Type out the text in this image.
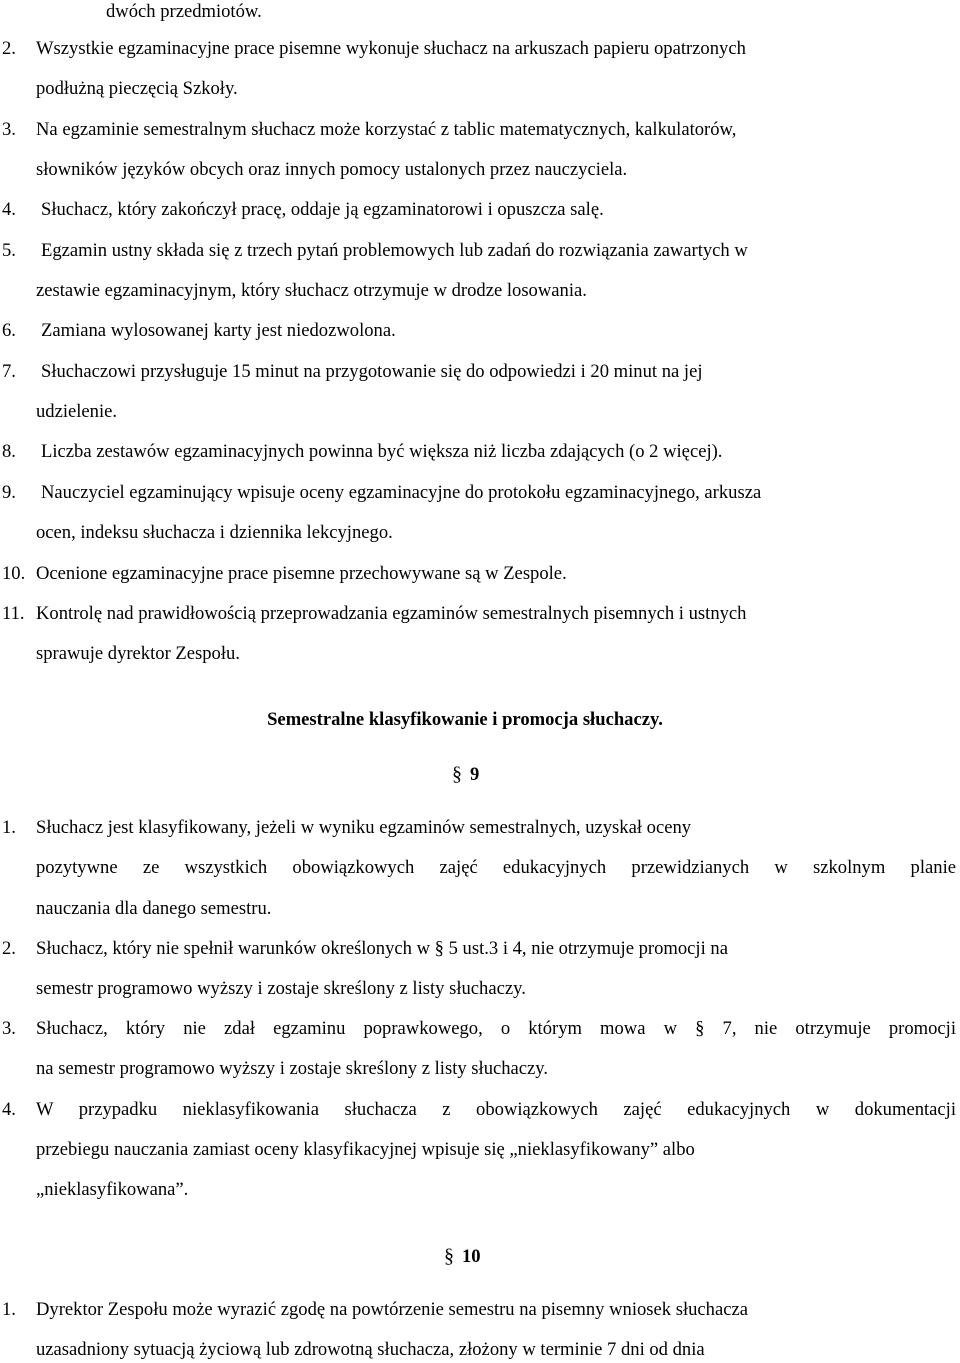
dwóch przedmiotów.
2. Wszystkie egzaminacyjne prace pisemne wykonuje słuchacz na arkuszach papieru opatrzonych
podłużną pieczęcią Szkoły.
3. Na egzaminie semestralnym słuchacz może korzystać z tablic matematycznych, kalkulatorów,
słowników języków obcych oraz innych pomocy ustalonych przez nauczyciela.
4. Słuchacz, który zakończył pracę, oddaje ją egzaminatorowi i opuszcza salę.
5. Egzamin ustny składa się z trzech pytań problemowych lub zadań do rozwiązania zawartych w
zestawie egzaminacyjnym, który słuchacz otrzymuje w drodze losowania.
6. Zamiana wylosowanej karty jest niedozwolona.
7. Słuchaczowi przysługuje 15 minut na przygotowanie się do odpowiedzi i 20 minut na jej
udzielenie.
8. Liczba zestawów egzaminacyjnych powinna być większa niż liczba zdających (o 2 więcej).
9. Nauczyciel egzaminujący wpisuje oceny egzaminacyjne do protokołu egzaminacyjnego, arkusza
ocen, indeksu słuchacza i dziennika lekcyjnego.
10. Ocenione egzaminacyjne prace pisemne przechowywane są w Zespole.
11. Kontrolę nad prawidłowością przeprowadzania egzaminów semestralnych pisemnych i ustnych
sprawuje dyrektor Zespołu.
Semestralne klasyfikowanie i promocja słuchaczy.
§ 9
1. Słuchacz jest klasyfikowany, jeżeli w wyniku egzaminów semestralnych, uzyskał oceny
pozytywne ze wszystkich obowiązkowych zajęć edukacyjnych przewidzianych w szkolnym planie
nauczania dla danego semestru.
2. Słuchacz, który nie spełnił warunków określonych w § 5 ust.3 i 4, nie otrzymuje promocji na
semestr programowo wyższy i zostaje skreślony z listy słuchaczy.
3. Słuchacz, który nie zdał egzaminu poprawkowego, o którym mowa w § 7, nie otrzymuje promocji
na semestr programowo wyższy i zostaje skreślony z listy słuchaczy.
4. W przypadku nieklasyfikowania słuchacza z obowiązkowych zajęć edukacyjnych w dokumentacji
przebiegu nauczania zamiast oceny klasyfikacyjnej wpisuje się „nieklasyfikowany” albo
„nieklasyfikowana”.
§ 10
1. Dyrektor Zespołu może wyrazić zgodę na powtórzenie semestru na pisemny wniosek słuchacza
uzasadniony sytuacją życiową lub zdrowotną słuchacza, złożony w terminie 7 dni od dnia
